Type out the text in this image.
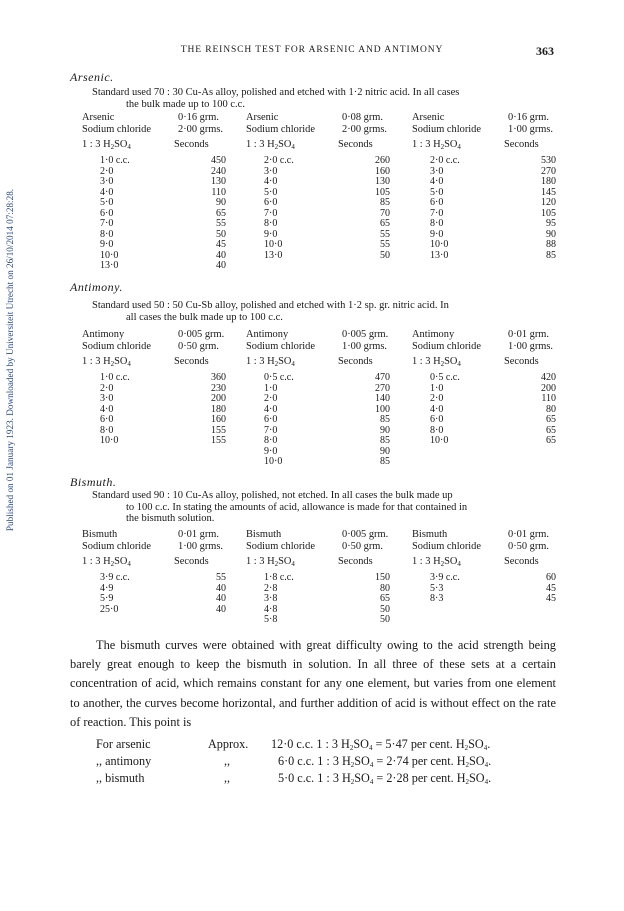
Published on 01 January 1923. Downloaded by Universiteit Utrecht on 26/10/2014 07:28:28.
THE REINSCH TEST FOR ARSENIC AND ANTIMONY	363
Arsenic.
Standard used 70 : 30 Cu-As alloy, polished and etched with 1·2 nitric acid. In all cases
the bulk made up to 100 c.c.
Arsenic	0·16 grm.
Sodium chloride	2·00 grms.
1 : 3 $H_2SO_4$	Seconds
1·0 c.c.	450
2·0	240
3·0	130
4·0	110
5·0	90
6·0	65
7·0	55
8·0	50
9·0	45
10·0	40
13·0	40
Arsenic	0·08 grm.
Sodium chloride	2·00 grms.
1 : 3 $H_2SO_4$	Seconds
2·0 c.c.	260
3·0	160
4·0	130
5·0	105
6·0	85
7·0	70
8·0	65
9·0	55
10·0	55
13·0	50
Arsenic	0·16 grm.
Sodium chloride	1·00 grms.
1 : 3 $H_2SO_4$	Seconds
2·0 c.c.	530
3·0	270
4·0	180
5·0	145
6·0	120
7·0	105
8·0	95
9·0	90
10·0	88
13·0	85
Antimony.
Standard used 50 : 50 Cu-Sb alloy, polished and etched with 1·2 sp. gr. nitric acid. In
all cases the bulk made up to 100 c.c.
Antimony	0·005 grm.
Sodium chloride	0·50 grm.
1 : 3 $H_2SO_4$	Seconds
1·0 c.c.	360
2·0	230
3·0	200
4·0	180
6·0	160
8·0	155
10·0	155
Antimony	0·005 grm.
Sodium chloride	1·00 grms.
1 : 3 $H_2SO_4$	Seconds
0·5 c.c.	470
1·0	270
2·0	140
4·0	100
6·0	85
7·0	90
8·0	85
9·0	90
10·0	85
Antimony	0·01 grm.
Sodium chloride	1·00 grms.
1 : 3 $H_2SO_4$	Seconds
0·5 c.c.	420
1·0	200
2·0	110
4·0	80
6·0	65
8·0	65
10·0	65
Bismuth.
Standard used 90 : 10 Cu-As alloy, polished, not etched. In all cases the bulk made up
to 100 c.c. In stating the amounts of acid, allowance is made for that contained in
the bismuth solution.
Bismuth	0·01 grm.
Sodium chloride	1·00 grms.
1 : 3 $H_2SO_4$	Seconds
3·9 c.c.	55
4·9	40
5·9	40
25·0	40
Bismuth	0·005 grm.
Sodium chloride	0·50 grm.
1 : 3 $H_2SO_4$	Seconds
1·8 c.c.	150
2·8	80
3·8	65
4·8	50
5·8	50
Bismuth	0·01 grm.
Sodium chloride	0·50 grm.
1 : 3 $H_2SO_4$	Seconds
3·9 c.c.	60
5·3	45
8·3	45

The bismuth curves were obtained with great difficulty owing to the acid strength being barely great enough to keep the bismuth in solution. In all three of these sets at a certain concentration of acid, which remains constant for any one element, but varies from one element to another, the curves become horizontal, and further addition of acid is without effect on the rate of reaction. This point is

For arsenic	Approx. 12·0 c.c. 1 : 3 $H_2SO_4 = 5\cdot 47$ per cent. $H_2SO_4$.
,, antimony	,,	6·0 c.c. 1 : 3 $H_2SO_4 = 2\cdot 74$ per cent. $H_2SO_4$.
,, bismuth	,,	5·0 c.c. 1 : 3 $H_2SO_4 = 2\cdot 28$ per cent. $H_2SO_4$.
